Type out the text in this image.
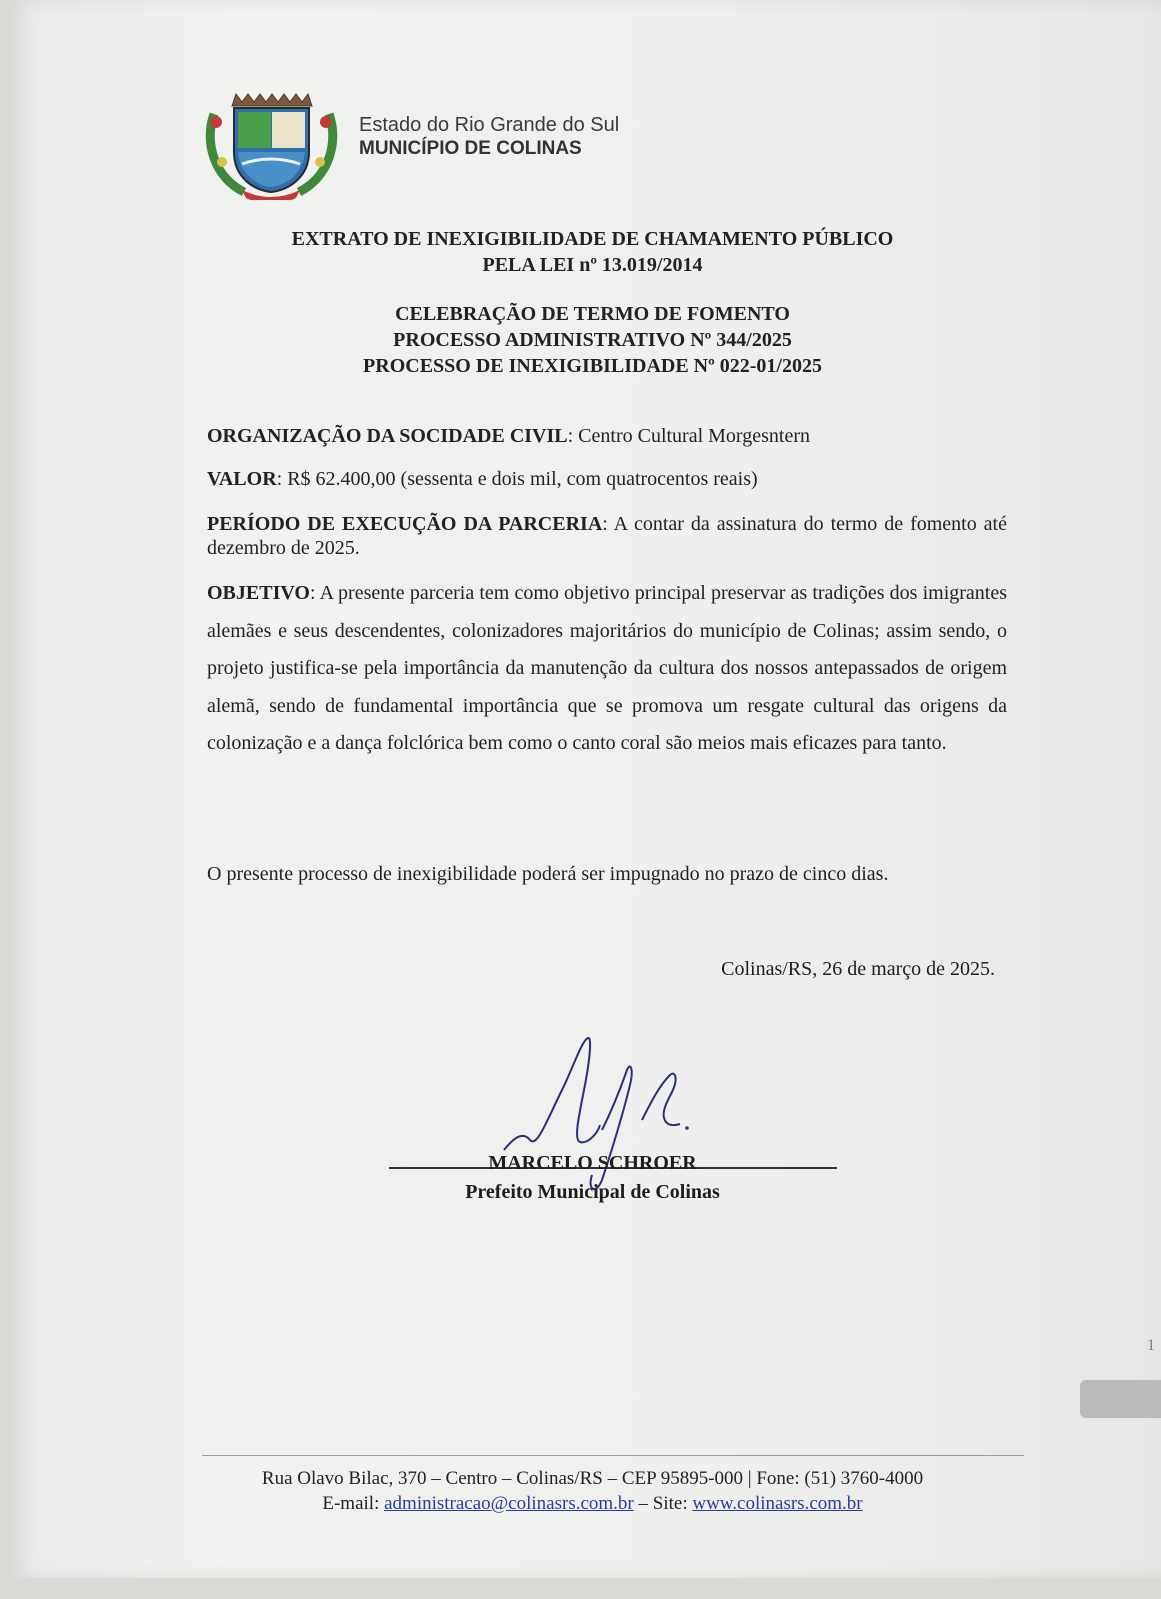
Estado do Rio Grande do Sul
MUNICÍPIO DE COLINAS
EXTRATO DE INEXIGIBILIDADE DE CHAMAMENTO PÚBLICO
PELA LEI nº 13.019/2014
CELEBRAÇÃO DE TERMO DE FOMENTO
PROCESSO ADMINISTRATIVO Nº 344/2025
PROCESSO DE INEXIGIBILIDADE Nº 022-01/2025
ORGANIZAÇÃO DA SOCIDADE CIVIL: Centro Cultural Morgesntern
VALOR: R$ 62.400,00 (sessenta e dois mil, com quatrocentos reais)
PERÍODO DE EXECUÇÃO DA PARCERIA: A contar da assinatura do termo de fomento até dezembro de 2025.
OBJETIVO: A presente parceria tem como objetivo principal preservar as tradições dos imigrantes alemães e seus descendentes, colonizadores majoritários do município de Colinas; assim sendo, o projeto justifica-se pela importância da manutenção da cultura dos nossos antepassados de origem alemã, sendo de fundamental importância que se promova um resgate cultural das origens da colonização e a dança folclórica bem como o canto coral são meios mais eficazes para tanto.
O presente processo de inexigibilidade poderá ser impugnado no prazo de cinco dias.
Colinas/RS, 26 de março de 2025.
MARCELO SCHROER
Prefeito Municipal de Colinas
1
Rua Olavo Bilac, 370 – Centro – Colinas/RS – CEP 95895-000 | Fone: (51) 3760-4000
E-mail: administracao@colinasrs.com.br – Site: www.colinasrs.com.br
